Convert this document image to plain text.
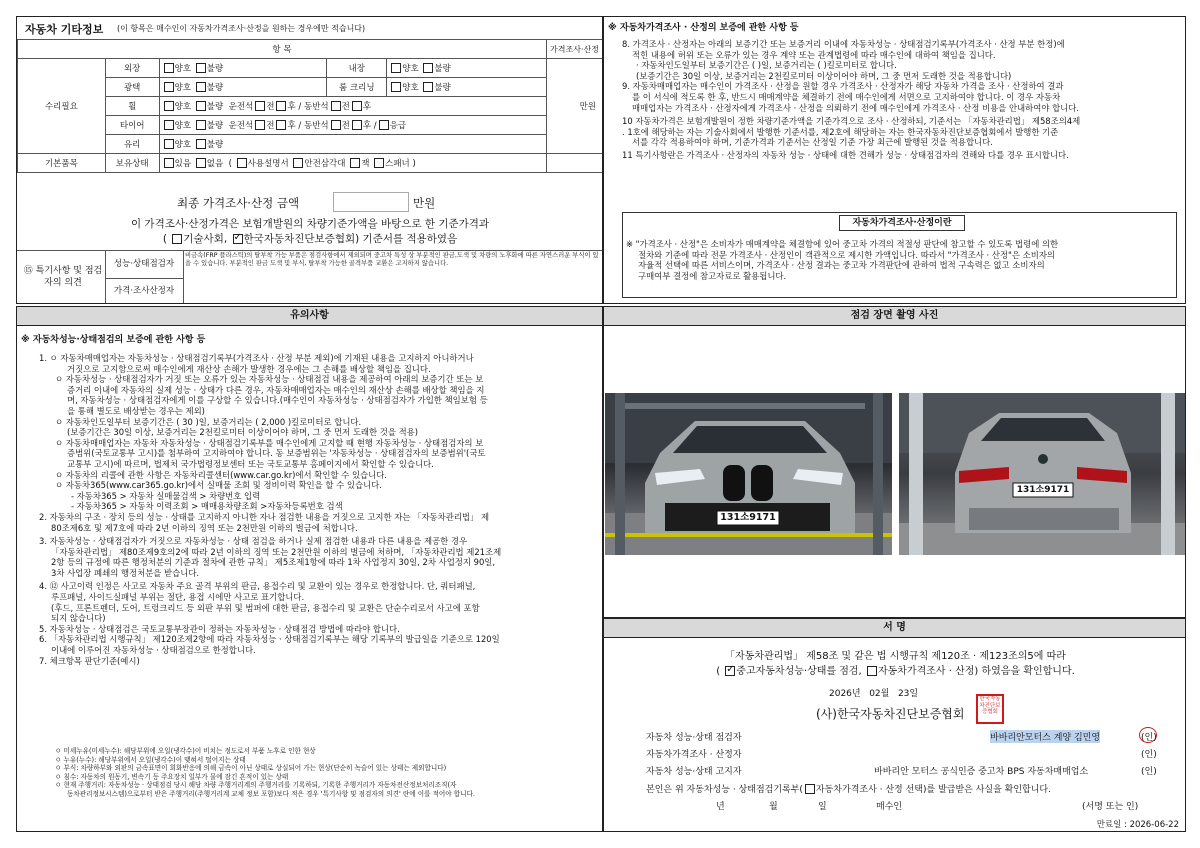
자동차 기타정보 (이 항목은 매수인이 자동차가격조사·산정을 원하는 경우에만 적습니다)
항 목					가격조사·산정
수리필요	외장	양호 불량	내장	양호 불량	만원
	광택	양호 불량	룸 크리닝	양호 불량	
	휠	양호 불량 운전석 전 후 / 동반석 전 후			
	타이어	양호 불량 운전석 전 후 / 동반석 전 후 / 응급			
	유리	양호 불량			
기본품목	보유상태	있음 없음 ( 사용설명서 안전삼각대 잭 스패너 )			
최종 가격조사·산정 금액	만원
이 가격조사·산정가격은 보험개발원의 차량기준가액을 바탕으로 한 기준가격과
( 기술사회, ✓ 한국자동차진단보증협회) 기준서를 적용하였음
⑮ 특기사항 및 점검자의 의견
성능·상태점검자
비금속(FRP 플라스틱)의 탈부착 가능 부품은 점검사항에서 제외되며 중고차 특성 상 부분적인 판금,도색 및 차량의 노후화에 따른 자연스러운 부식이 있을 수 있습니다. 부분적인 판금 도색 및 부식, 탈부착 가능한 골격부품 교환은 고지하지 않습니다.
가격·조사산정자
※ 자동차가격조사 · 산정의 보증에 관한 사항 등
8. 가격조사 · 산정자는 아래의 보증기간 또는 보증거리 이내에 자동차성능 · 상태점검기록부(가격조사 · 산정 부분 한정)에
적힌 내용에 허위 또는 오류가 있는 경우 계약 또는 관계법령에 따라 매수인에 대하여 책임을 집니다.
· 자동차인도일부터 보증기간은 ( )일, 보증거리는 ( )킬로미터로 합니다.
(보증기간은 30일 이상, 보증거리는 2천킬로미터 이상이어야 하며, 그 중 먼저 도래한 것을 적용합니다)
9. 자동차매매업자는 매수인이 가격조사 · 산정을 원할 경우 가격조사 · 산정자가 해당 자동차 가격을 조사 · 산정하여 결과
를 이 서식에 적도록 한 후, 반드시 매매계약을 체결하기 전에 매수인에게 서면으로 고지하여야 합니다. 이 경우 자동차
매매업자는 가격조사 · 산정자에게 가격조사 · 산정을 의뢰하기 전에 매수인에게 가격조사 · 산정 비용을 안내하여야 합니다.
10 자동차가격은 보험개발원이 정한 차량기준가액을 기준가격으로 조사 · 산정하되, 기준서는 「자동차관리법」 제58조의4제
. 1호에 해당하는 자는 기술사회에서 발행한 기준서를, 제2호에 해당하는 자는 한국자동차진단보증협회에서 발행한 기준
서를 각각 적용하여야 하며, 기준가격과 기준서는 산정일 기준 가장 최근에 발행된 것을 적용합니다.
11 특기사항란은 가격조사 · 산정자의 자동차 성능 · 상태에 대한 견해가 성능 · 상태점검자의 견해와 다를 경우 표시합니다.
자동차가격조사·산정이란
※ "가격조사 · 산정"은 소비자가 매매계약을 체결함에 있어 중고차 가격의 적절성 판단에 참고할 수 있도록 법령에 의한
절차와 기준에 따라 전문 가격조사 · 산정인이 객관적으로 제시한 가액입니다. 따라서 "가격조사 · 산정"은 소비자의
자율적 선택에 따른 서비스이며, 가격조사 · 산정 결과는 중고차 가격판단에 관하여 법적 구속력은 없고 소비자의
구매여부 결정에 참고자료로 활용됩니다.
유의사항
※ 자동차성능·상태점검의 보증에 관한 사항 등
1. ㅇ 자동차매매업자는 자동차성능 · 상태점검기록부(가격조사 · 산정 부분 제외)에 기재된 내용을 고지하지 아니하거나
거짓으로 고지함으로써 매수인에게 재산상 손해가 발생한 경우에는 그 손해를 배상할 책임을 집니다.
ㅇ 자동차성능 · 상태점검자가 거짓 또는 오류가 있는 자동차성능 · 상태점검 내용을 제공하여 아래의 보증기간 또는 보
증거리 이내에 자동차의 실제 성능 · 상태가 다른 경우, 자동차매매업자는 매수인의 재산상 손해를 배상할 책임을 지
며, 자동차성능 · 상태점검자에게 이를 구상할 수 있습니다.(매수인이 자동차성능 · 상태점검자가 가입한 책임보험 등
을 통해 별도로 배상받는 경우는 제외)
ㅇ 자동차인도일부터 보증기간은 ( 30 )일, 보증거리는 ( 2,000 )킬로미터로 합니다.
(보증기간은 30일 이상, 보증거리는 2천킬로미터 이상이어야 하며, 그 중 먼저 도래한 것을 적용)
ㅇ 자동차매매업자는 자동차 자동차성능 · 상태점검기록부를 매수인에게 고지할 때 현행 자동차성능 · 상태점검자의 보
증범위(국토교통부 고시)를 첨부하여 고지하여야 합니다. 동 보증범위는 '자동차성능 · 상태점검자의 보증범위'(국토
교통부 고시)에 따르며, 법제처 국가법령정보센터 또는 국토교통부 홈페이지에서 확인할 수 있습니다.
ㅇ 자동차의 리콜에 관한 사항은 자동차리콜센터(www.car.go.kr)에서 확인할 수 있습니다.
ㅇ 자동차365(www.car365.go.kr)에서 실매물 조회 및 정비이력 확인을 할 수 있습니다.
- 자동차365 > 자동차 실매물검색 > 차량번호 입력
- 자동차365 > 자동차 이력조회 > 매매용차량조회 >자동차등록번호 검색
2. 자동차의 구조 · 장치 등의 성능 · 상태를 고지하지 아니한 자나 점검한 내용을 거짓으로 고지한 자는 「자동차관리법」 제
80조제6호 및 제7호에 따라 2년 이하의 징역 또는 2천만원 이하의 벌금에 처합니다.
3. 자동차성능 · 상태점검자가 거짓으로 자동차성능 · 상태 점검을 하거나 실제 점검한 내용과 다른 내용을 제공한 경우
「자동차관리법」 제80조제9호의2에 따라 2년 이하의 징역 또는 2천만원 이하의 벌금에 처하며, 「자동차관리법 제21조제
2항 등의 규정에 따른 행정처분의 기준과 절차에 관한 규칙」 제5조제1항에 따라 1차 사업정지 30일, 2차 사업정지 90일,
3차 사업장 폐쇄의 행정처분을 받습니다.
4. ⑫ 사고이력 인정은 사고로 자동차 주요 골격 부위의 판금, 용접수리 및 교환이 있는 경우로 한정합니다. 단, 쿼터패널,
루프패널, 사이드실패널 부위는 절단, 용접 시에만 사고로 표기합니다.
(후드, 프론트펜더, 도어, 트렁크리드 등 외판 부위 및 범퍼에 대한 판금, 용접수리 및 교환은 단순수리로서 사고에 포함
되지 않습니다)
5. 자동차성능 · 상태점검은 국토교통부장관이 정하는 자동차성능 · 상태점검 방법에 따라야 합니다.
6. 「자동차관리법 시행규칙」 제120조제2항에 따라 자동차성능 · 상태점검기록부는 해당 기록부의 발급일을 기준으로 120일
이내에 이루어진 자동차성능 · 상태점검으로 한정합니다.
7. 체크항목 판단기준(예시)
ㅇ 미세누유(미세누수): 해당부위에 오일(냉각수)이 비치는 정도로서 부품 노후로 인한 현상
ㅇ 누유(누수): 해당부위에서 오일(냉각수)이 맺혀서 떨어지는 상태
ㅇ 부식: 차량하부와 외판의 금속표면이 회화반응에 의해 금속이 아닌 상태로 상실되어 가는 현상(단순히 녹슬어 있는 상태는 제외합니다)
ㅇ 침수: 자동차의 원동기, 변속기 등 주요장치 일부가 물에 잠긴 흔적이 있는 상태
ㅇ 현재 주행거리: 자동차성능 · 상태점검 당시 해당 차량 주행거리계의 주행거리를 기록하되, 기록한 주행거리가 자동차전산정보처리조직(자
동차관리정보시스템)으로부터 받은 주행거리(주행거리계 교체 정보 포함)보다 적은 경우 '특기사항 및 점검자의 의견' 란에 이를 적어야 합니다.
점검 장면 촬영 사진
131소9171
131소9171
서 명
「자동차관리법」 제58조 및 같은 법 시행규칙 제120조 · 제123조의5에 따라
( ✓ 중고자동차성능·상태를 점검, 자동차가격조사 · 산정) 하였음을 확인합니다.
2026년 02월 23일
(사)한국자동차진단보증협회
한국자동차진단보증협회
자동차 성능·상태 점검자	바바리안모터스 계양 김민영	(인)
자동차가격조사 · 산정자	(인)
자동차 성능·상태 고지자	바바리안 모터스 공식인증 중고차 BPS 자동차매매업소	(인)
본인은 위 자동차성능 · 상태점검기록부( 자동차가격조사 · 산정 선택)를 발급받은 사실을 확인합니다.
년	월	일	매수인	(서명 또는 인)
만료일 : 2026-06-22
